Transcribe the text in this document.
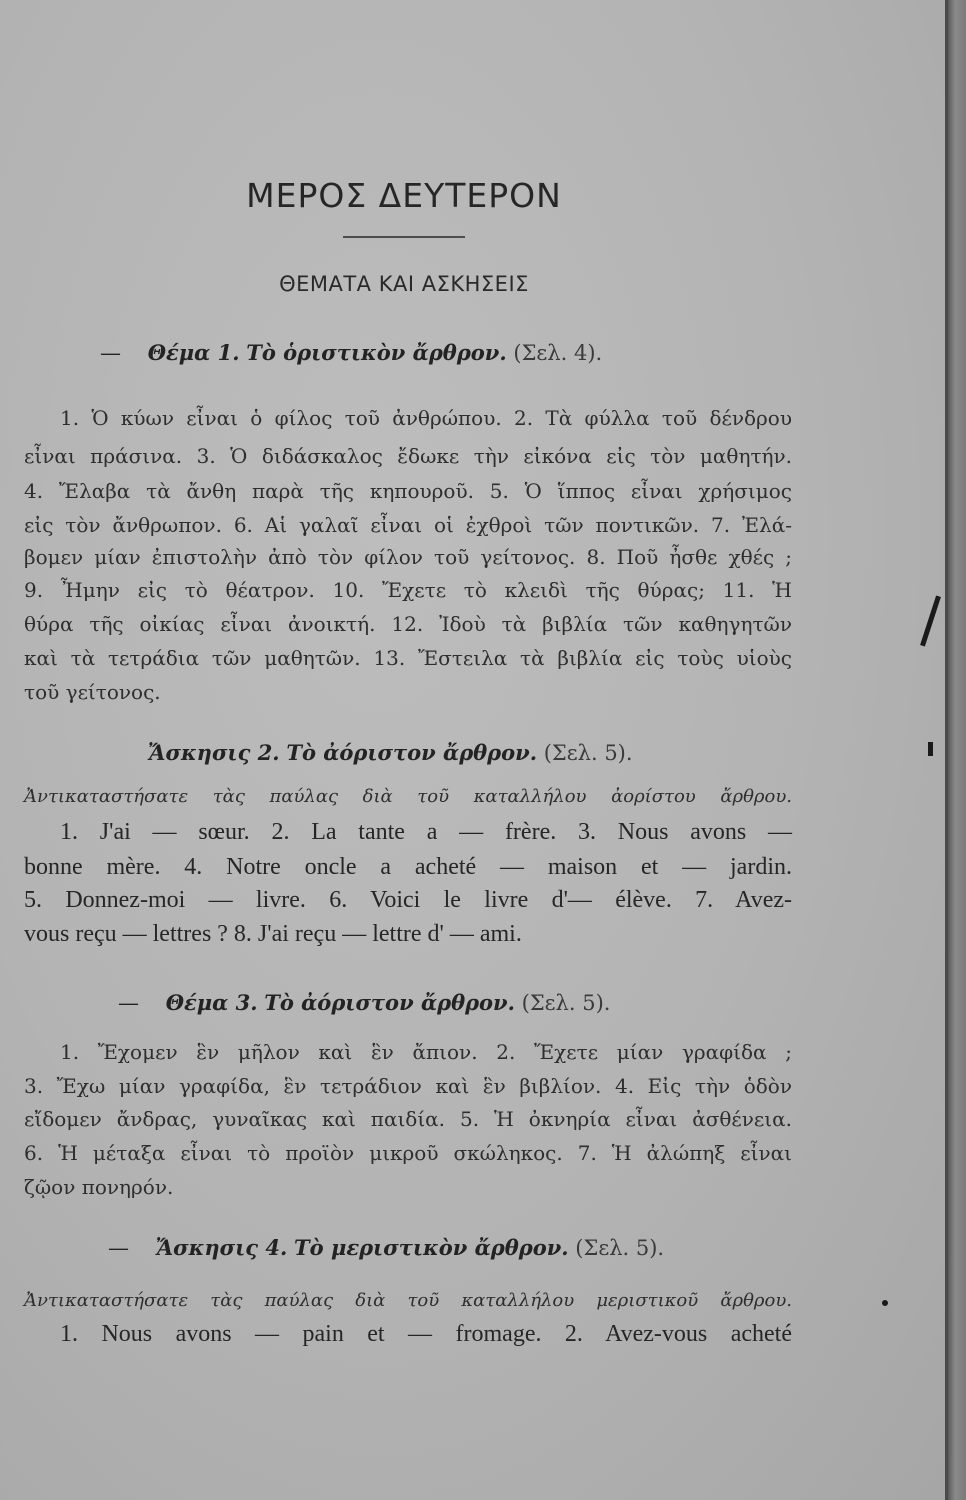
ΜΕΡΟΣ ΔΕΥΤΕΡΟΝ
ΘΕΜΑΤΑ ΚΑΙ ΑΣΚΗΣΕΙΣ
— Θέμα 1. Τὸ ὁριστικὸν ἄρθρον. (Σελ. 4).
1. Ὁ κύων εἶναι ὁ φίλος τοῦ ἀνθρώπου. 2. Τὰ φύλλα τοῦ δένδρου
εἶναι πράσινα. 3. Ὁ διδάσκαλος ἔδωκε τὴν εἰκόνα εἰς τὸν μαθητήν.
4. Ἔλαβα τὰ ἄνθη παρὰ τῆς κηπουροῦ. 5. Ὁ ἵππος εἶναι χρήσιμος
εἰς τὸν ἄνθρωπον. 6. Αἱ γαλαῖ εἶναι οἱ ἐχθροὶ τῶν ποντικῶν. 7. Ἐλά-
βομεν μίαν ἐπιστολὴν ἀπὸ τὸν φίλον τοῦ γείτονος. 8. Ποῦ ἦσθε χθές ;
9. Ἦμην εἰς τὸ θέατρον. 10. Ἔχετε τὸ κλειδὶ τῆς θύρας; 11. Ἡ
θύρα τῆς οἰκίας εἶναι ἀνοικτή. 12. Ἰδοὺ τὰ βιβλία τῶν καθηγητῶν
καὶ τὰ τετράδια τῶν μαθητῶν. 13. Ἔστειλα τὰ βιβλία εἰς τοὺς υἱοὺς
τοῦ γείτονος.
Ἄσκησις 2. Τὸ ἀόριστον ἄρθρον. (Σελ. 5).
Ἀντικαταστήσατε τὰς παύλας διὰ τοῦ καταλλήλου ἀορίστου ἄρθρου.
1. J'ai — sœur. 2. La tante a — frère. 3. Nous avons —
bonne mère. 4. Notre oncle a acheté — maison et — jardin.
5. Donnez-moi — livre. 6. Voici le livre d'— élève. 7. Avez-
vous reçu — lettres ? 8. J'ai reçu — lettre d' — ami.
— Θέμα 3. Τὸ ἀόριστον ἄρθρον. (Σελ. 5).
1. Ἔχομεν ἓν μῆλον καὶ ἓν ἄπιον. 2. Ἔχετε μίαν γραφίδα ;
3. Ἔχω μίαν γραφίδα, ἓν τετράδιον καὶ ἓν βιβλίον. 4. Εἰς τὴν ὁδὸν
εἴδομεν ἄνδρας, γυναῖκας καὶ παιδία. 5. Ἡ ὀκνηρία εἶναι ἀσθένεια.
6. Ἡ μέταξα εἶναι τὸ προϊὸν μικροῦ σκώληκος. 7. Ἡ ἀλώπηξ εἶναι
ζῷον πονηρόν.
— Ἄσκησις 4. Τὸ μεριστικὸν ἄρθρον. (Σελ. 5).
Ἀντικαταστήσατε τὰς παύλας διὰ τοῦ καταλλήλου μεριστικοῦ ἄρθρου.
1. Nous avons — pain et — fromage. 2. Avez-vous acheté
